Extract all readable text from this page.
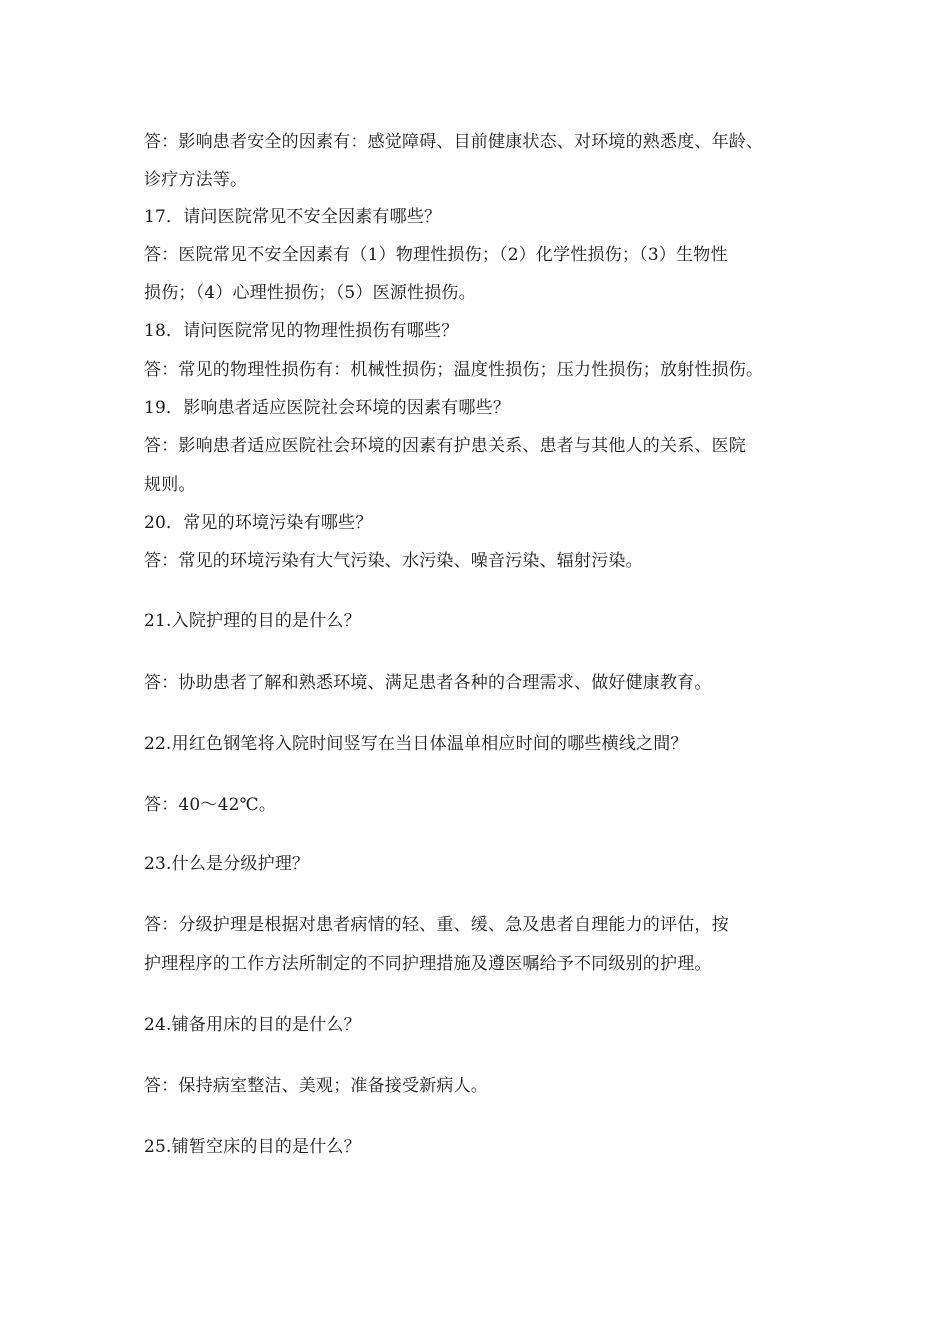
答：影响患者安全的因素有：感觉障碍、目前健康状态、对环境的熟悉度、年龄、
诊疗方法等。
17．请问医院常见不安全因素有哪些？
答：医院常见不安全因素有（1）物理性损伤；（2）化学性损伤；（3）生物性
损伤；（4）心理性损伤；（5）医源性损伤。
18．请问医院常见的物理性损伤有哪些？
答：常见的物理性损伤有：机械性损伤；温度性损伤；压力性损伤；放射性损伤。
19．影响患者适应医院社会环境的因素有哪些？
答：影响患者适应医院社会环境的因素有护患关系、患者与其他人的关系、医院
规则。
20．常见的环境污染有哪些？
答：常见的环境污染有大气污染、水污染、噪音污染、辐射污染。
21.入院护理的目的是什么？
答：协助患者了解和熟悉环境、满足患者各种的合理需求、做好健康教育。
22.用红色钢笔将入院时间竖写在当日体温单相应时间的哪些横线之間？
答：40～42℃。
23.什么是分级护理？
答：分级护理是根据对患者病情的轻、重、缓、急及患者自理能力的评估，按
护理程序的工作方法所制定的不同护理措施及遵医嘱给予不同级别的护理。
24.铺备用床的目的是什么？
答：保持病室整洁、美观；准备接受新病人。
25.铺暂空床的目的是什么？
